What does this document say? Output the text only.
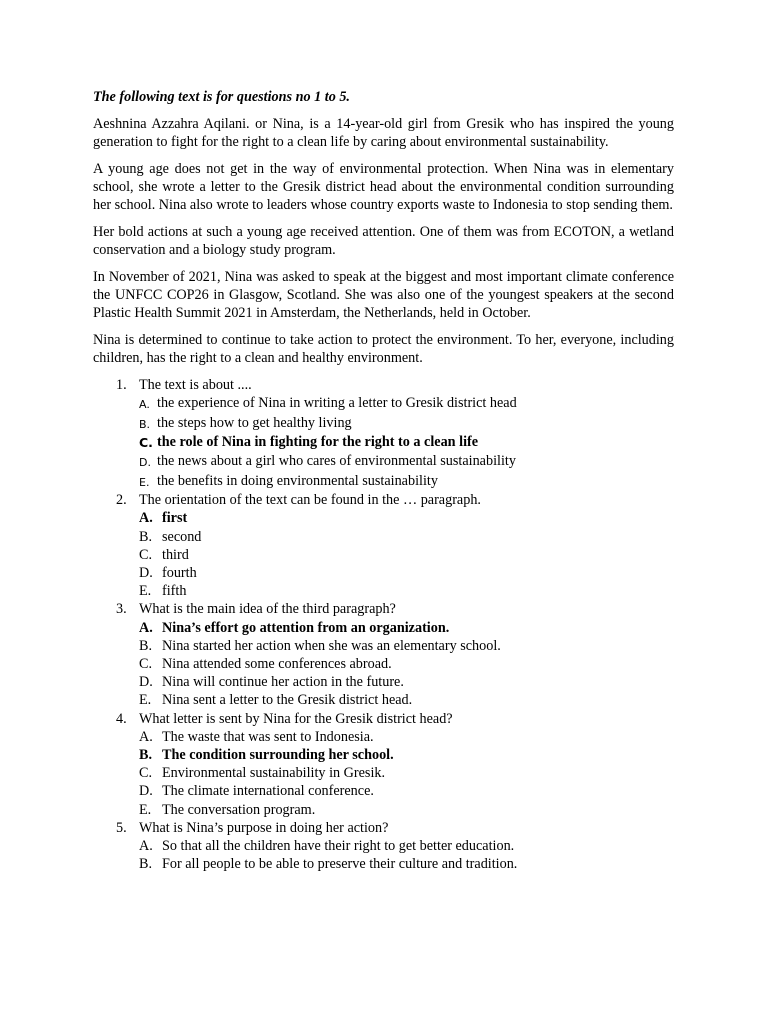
The following text is for questions no 1 to 5.

Aeshnina Azzahra Aqilani. or Nina, is a 14-year-old girl from Gresik who has inspired the young generation to fight for the right to a clean life by caring about environmental sustainability.

A young age does not get in the way of environmental protection. When Nina was in elementary school, she wrote a letter to the Gresik district head about the environmental condition surrounding her school. Nina also wrote to leaders whose country exports waste to Indonesia to stop sending them.

Her bold actions at such a young age received attention. One of them was from ECOTON, a wetland conservation and a biology study program.

In November of 2021, Nina was asked to speak at the biggest and most important climate conference the UNFCC COP26 in Glasgow, Scotland. She was also one of the youngest speakers at the second Plastic Health Summit 2021 in Amsterdam, the Netherlands, held in October.

Nina is determined to continue to take action to protect the environment. To her, everyone, including children, has the right to a clean and healthy environment.

1. The text is about ....
A. the experience of Nina in writing a letter to Gresik district head
B. the steps how to get healthy living
C. the role of Nina in fighting for the right to a clean life
D. the news about a girl who cares of environmental sustainability
E. the benefits in doing environmental sustainability
2. The orientation of the text can be found in the … paragraph.
A. first
B. second
C. third
D. fourth
E. fifth
3. What is the main idea of the third paragraph?
A. Nina’s effort go attention from an organization.
B. Nina started her action when she was an elementary school.
C. Nina attended some conferences abroad.
D. Nina will continue her action in the future.
E. Nina sent a letter to the Gresik district head.
4. What letter is sent by Nina for the Gresik district head?
A. The waste that was sent to Indonesia.
B. The condition surrounding her school.
C. Environmental sustainability in Gresik.
D. The climate international conference.
E. The conversation program.
5. What is Nina’s purpose in doing her action?
A. So that all the children have their right to get better education.
B. For all people to be able to preserve their culture and tradition.
